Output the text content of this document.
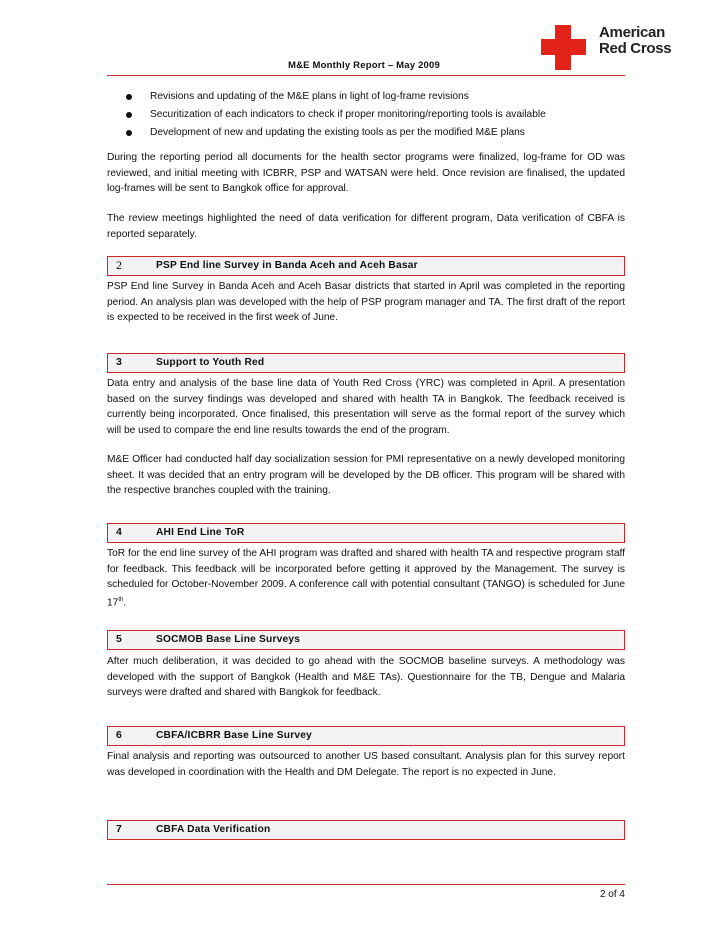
M&E Monthly Report – May 2009
American
Red Cross
Revisions and updating of the M&E plans in light of log-frame revisions
Securitization of each indicators to check if proper monitoring/reporting tools is available
Development of new and updating the existing tools as per the modified M&E plans
During the reporting period all documents for the health sector programs were finalized, log-frame for OD was reviewed, and initial meeting with ICBRR, PSP and WATSAN were held. Once revision are finalised, the updated log-frames will be sent to Bangkok office for approval.
The review meetings highlighted the need of data verification for different program, Data verification of CBFA is reported separately.
2	PSP End line Survey in Banda Aceh and Aceh Basar
PSP End line Survey in Banda Aceh and Aceh Basar districts that started in April was completed in the reporting period. An analysis plan was developed with the help of PSP program manager and TA. The first draft of the report is expected to be received in the first week of June.
3	Support to Youth Red
Data entry and analysis of the base line data of Youth Red Cross (YRC) was completed in April. A presentation based on the survey findings was developed and shared with health TA in Bangkok. The feedback received is currently being incorporated. Once finalised, this presentation will serve as the formal report of the survey which will be used to compare the end line results towards the end of the program.
M&E Officer had conducted half day socialization session for PMI representative on a newly developed monitoring sheet. It was decided that an entry program will be developed by the DB officer. This program will be shared with the respective branches coupled with the training.
4	AHI End Line ToR
ToR for the end line survey of the AHI program was drafted and shared with health TA and respective program staff for feedback. This feedback will be incorporated before getting it approved by the Management. The survey is scheduled for October-November 2009. A conference call with potential consultant (TANGO) is scheduled for June 17th.
5	SOCMOB Base Line Surveys
After much deliberation, it was decided to go ahead with the SOCMOB baseline surveys. A methodology was developed with the support of Bangkok (Health and M&E TAs). Questionnaire for the TB, Dengue and Malaria surveys were drafted and shared with Bangkok for feedback.
6	CBFA/ICBRR Base Line Survey
Final analysis and reporting was outsourced to another US based consultant. Analysis plan for this survey report was developed in coordination with the Health and DM Delegate. The report is no expected in June.
7	CBFA Data Verification
2 of 4
